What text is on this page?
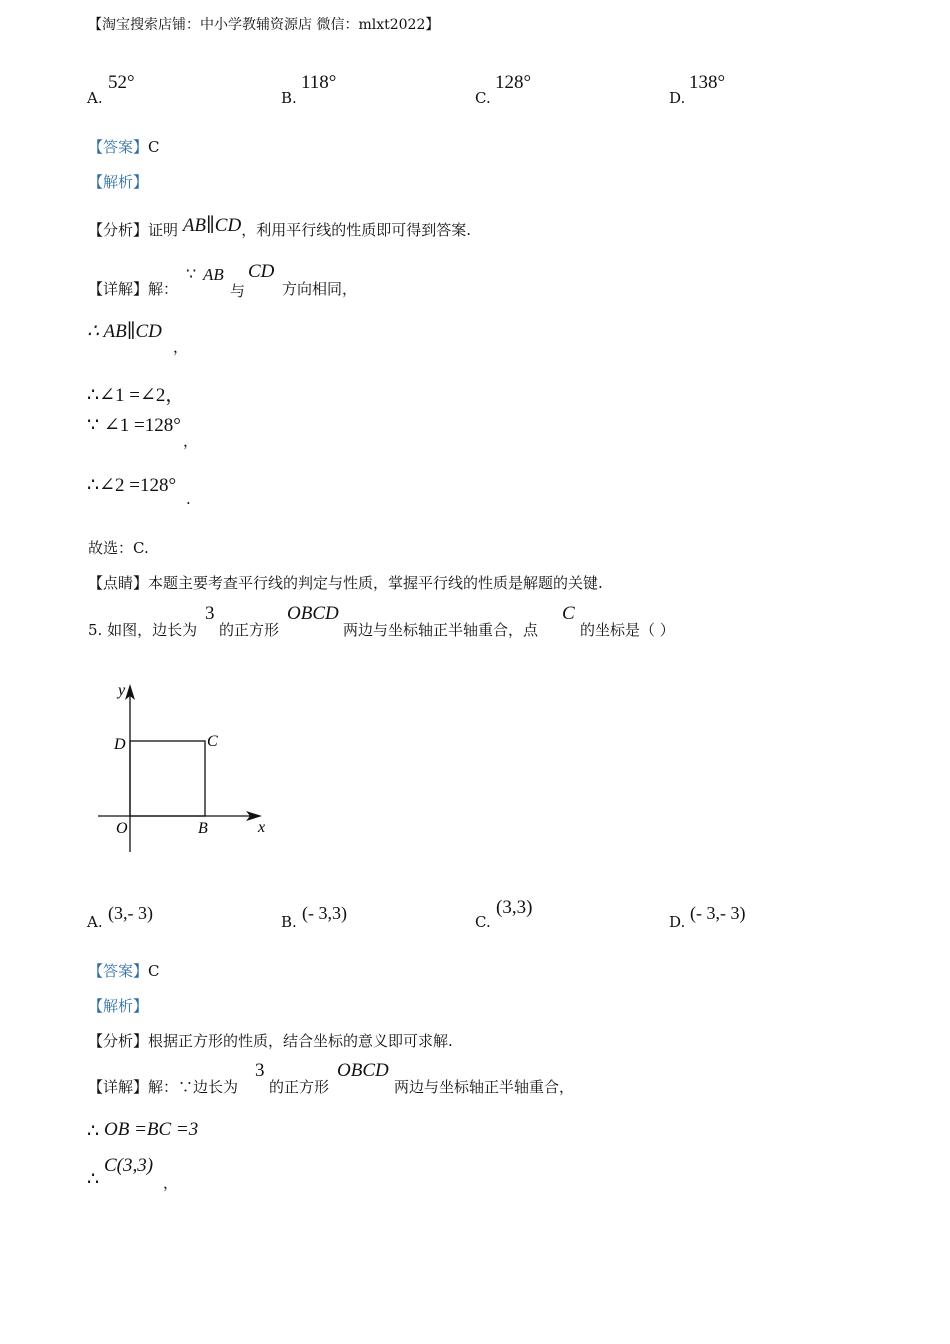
【淘宝搜索店铺：中小学教辅资源店 微信：mlxt2022】
A.
52°
B.
118°
C.
128°
D.
138°
【答案】C
【解析】
【分析】证明 AB∥CD，利用平行线的性质即可得到答案.
【详解】解：
∵ AB
与
CD
方向相同，
∴ AB∥CD
，
∴∠1 =∠2，
∵ ∠1 =128°
，
∴∠2 =128°
.
故选：C.
【点睛】本题主要考查平行线的判定与性质，掌握平行线的性质是解题的关键.
5. 如图，边长为
3
的正方形
OBCD
两边与坐标轴正半轴重合，点
C
的坐标是（ ）
y
x
O	B
C
D
A. (3,- 3)	B. (- 3,3)	C.
(3,3)
D. (- 3,- 3)
【答案】C
【解析】
【分析】根据正方形的性质，结合坐标的意义即可求解.
【详解】解：∵边长为
3
的正方形
OBCD
两边与坐标轴正半轴重合，
∴ OB =BC =3
∴
C(3,3)
，
